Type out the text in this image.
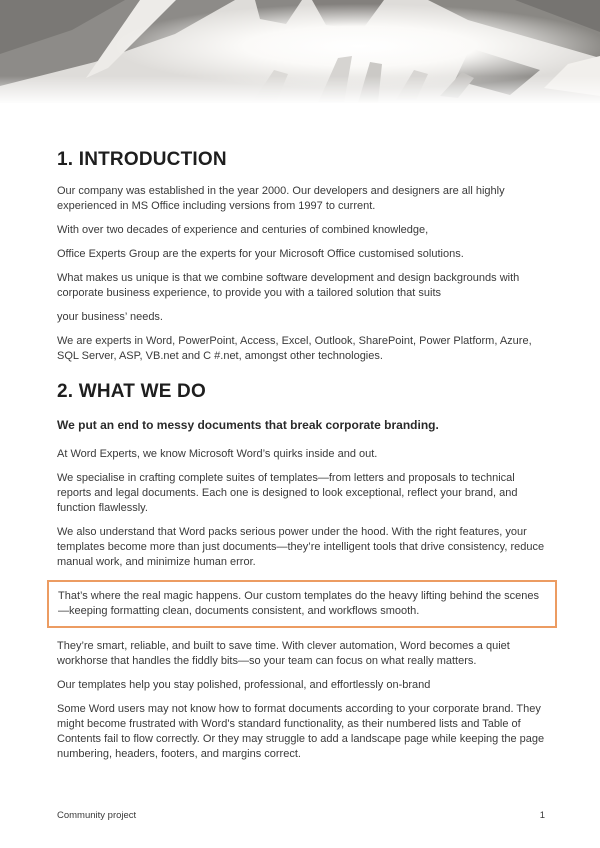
1. INTRODUCTION

Our company was established in the year 2000. Our developers and designers are all highly experienced in MS Office including versions from 1997 to current.

With over two decades of experience and centuries of combined knowledge,

Office Experts Group are the experts for your Microsoft Office customised solutions.

What makes us unique is that we combine software development and design backgrounds with corporate business experience, to provide you with a tailored solution that suits

your business’ needs.

We are experts in Word, PowerPoint, Access, Excel, Outlook, SharePoint, Power Platform, Azure, SQL Server, ASP, VB.net and C #.net, amongst other technologies.

2. WHAT WE DO

We put an end to messy documents that break corporate branding.

At Word Experts, we know Microsoft Word’s quirks inside and out.

We specialise in crafting complete suites of templates—from letters and proposals to technical reports and legal documents. Each one is designed to look exceptional, reflect your brand, and function flawlessly.

We also understand that Word packs serious power under the hood. With the right features, your templates become more than just documents—they’re intelligent tools that drive consistency, reduce manual work, and minimize human error.

That’s where the real magic happens. Our custom templates do the heavy lifting behind the scenes—keeping formatting clean, documents consistent, and workflows smooth.

They’re smart, reliable, and built to save time. With clever automation, Word becomes a quiet workhorse that handles the fiddly bits—so your team can focus on what really matters.

Our templates help you stay polished, professional, and effortlessly on-brand

Some Word users may not know how to format documents according to your corporate brand. They might become frustrated with Word's standard functionality, as their numbered lists and Table of Contents fail to flow correctly. Or they may struggle to add a landscape page while keeping the page numbering, headers, footers, and margins correct.

Community project	1
